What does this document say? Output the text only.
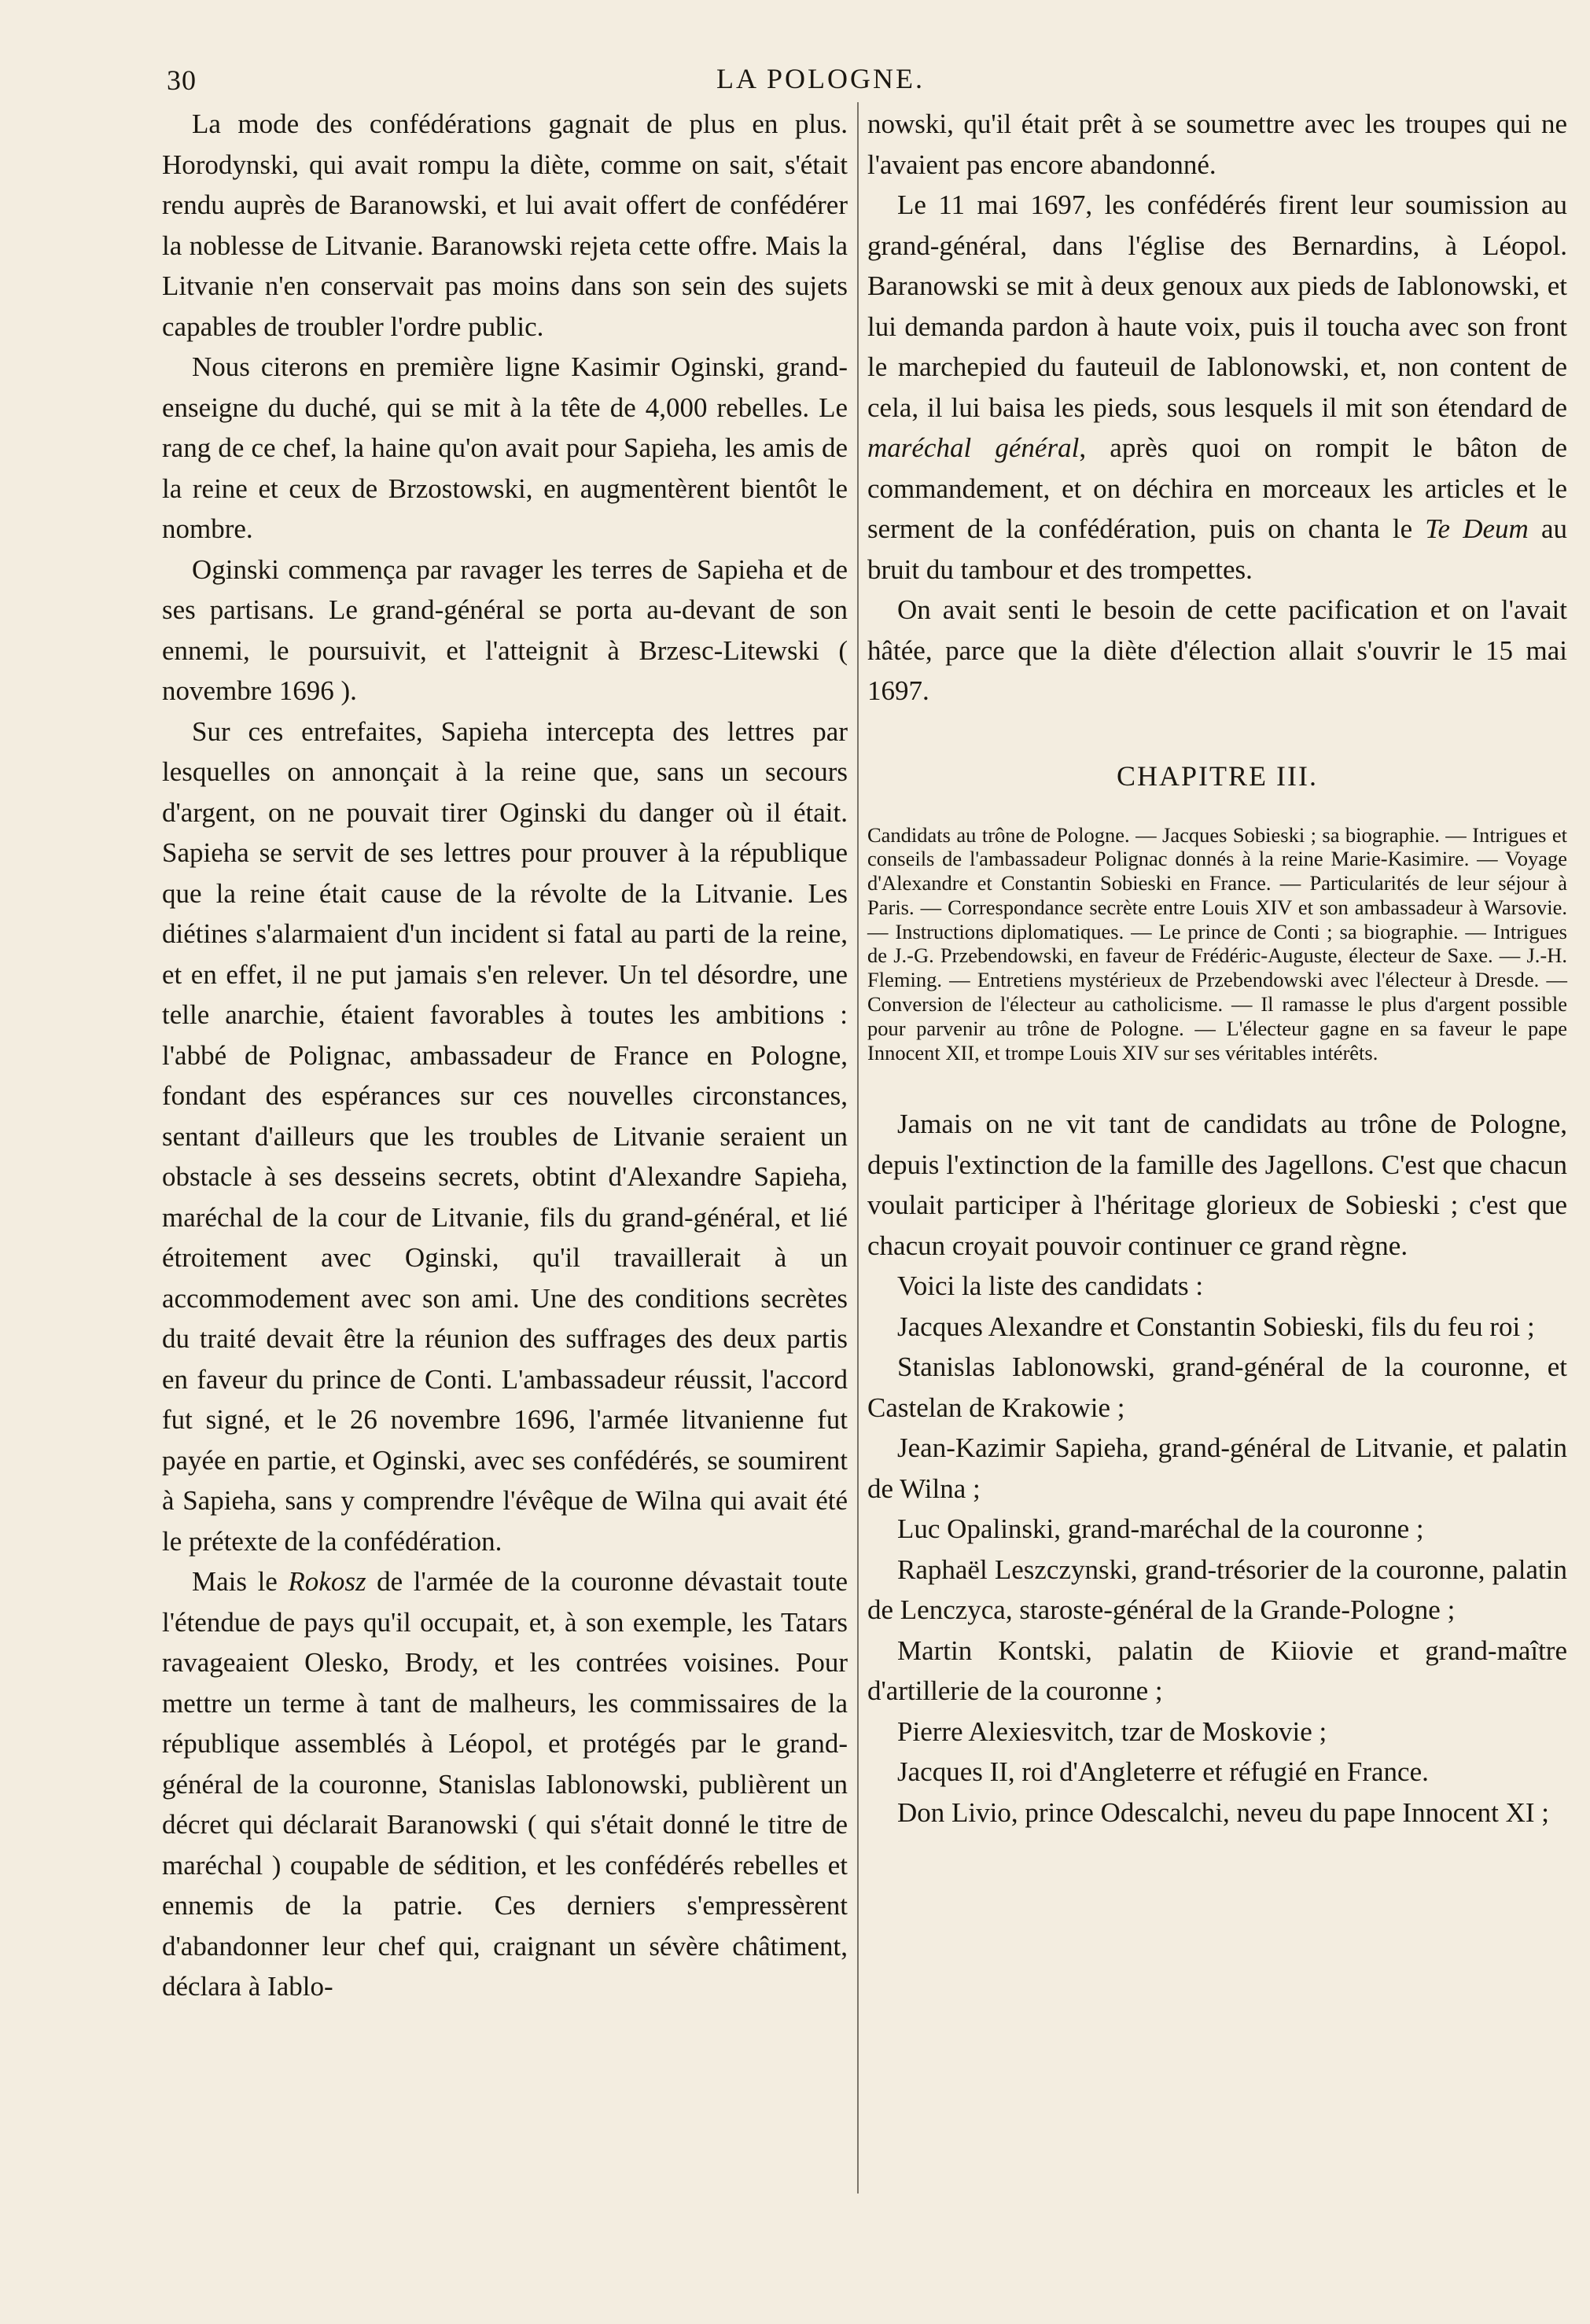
30	LA POLOGNE.

La mode des confédérations gagnait de plus en plus. Horodynski, qui avait rompu la diète, comme on sait, s'était rendu auprès de Baranowski, et lui avait offert de confédérer la noblesse de Litvanie. Baranowski rejeta cette offre. Mais la Litvanie n'en conservait pas moins dans son sein des sujets capables de troubler l'ordre public.

Nous citerons en première ligne Kasimir Oginski, grand-enseigne du duché, qui se mit à la tête de 4,000 rebelles. Le rang de ce chef, la haine qu'on avait pour Sapieha, les amis de la reine et ceux de Brzostowski, en augmentèrent bientôt le nombre.

Oginski commença par ravager les terres de Sapieha et de ses partisans. Le grand-général se porta au-devant de son ennemi, le poursuivit, et l'atteignit à Brzesc-Litewski ( novembre 1696 ).

Sur ces entrefaites, Sapieha intercepta des lettres par lesquelles on annonçait à la reine que, sans un secours d'argent, on ne pouvait tirer Oginski du danger où il était. Sapieha se servit de ses lettres pour prouver à la république que la reine était cause de la révolte de la Litvanie. Les diétines s'alarmaient d'un incident si fatal au parti de la reine, et en effet, il ne put jamais s'en relever. Un tel désordre, une telle anarchie, étaient favorables à toutes les ambitions : l'abbé de Polignac, ambassadeur de France en Pologne, fondant des espérances sur ces nouvelles circonstances, sentant d'ailleurs que les troubles de Litvanie seraient un obstacle à ses desseins secrets, obtint d'Alexandre Sapieha, maréchal de la cour de Litvanie, fils du grand-général, et lié étroitement avec Oginski, qu'il travaillerait à un accommodement avec son ami. Une des conditions secrètes du traité devait être la réunion des suffrages des deux partis en faveur du prince de Conti. L'ambassadeur réussit, l'accord fut signé, et le 26 novembre 1696, l'armée litvanienne fut payée en partie, et Oginski, avec ses confédérés, se soumirent à Sapieha, sans y comprendre l'évêque de Wilna qui avait été le prétexte de la confédération.

Mais le Rokosz de l'armée de la couronne dévastait toute l'étendue de pays qu'il occupait, et, à son exemple, les Tatars ravageaient Olesko, Brody, et les contrées voisines. Pour mettre un terme à tant de malheurs, les commissaires de la république assemblés à Léopol, et protégés par le grand-général de la couronne, Stanislas Iablonowski, publièrent un décret qui déclarait Baranowski ( qui s'était donné le titre de maréchal ) coupable de sédition, et les confédérés rebelles et ennemis de la patrie. Ces derniers s'empressèrent d'abandonner leur chef qui, craignant un sévère châtiment, déclara à Iablo-

nowski, qu'il était prêt à se soumettre avec les troupes qui ne l'avaient pas encore abandonné.

Le 11 mai 1697, les confédérés firent leur soumission au grand-général, dans l'église des Bernardins, à Léopol. Baranowski se mit à deux genoux aux pieds de Iablonowski, et lui demanda pardon à haute voix, puis il toucha avec son front le marchepied du fauteuil de Iablonowski, et, non content de cela, il lui baisa les pieds, sous lesquels il mit son étendard de maréchal général, après quoi on rompit le bâton de commandement, et on déchira en morceaux les articles et le serment de la confédération, puis on chanta le Te Deum au bruit du tambour et des trompettes.

On avait senti le besoin de cette pacification et on l'avait hâtée, parce que la diète d'élection allait s'ouvrir le 15 mai 1697.

CHAPITRE III.

Candidats au trône de Pologne. — Jacques Sobieski ; sa biographie. — Intrigues et conseils de l'ambassadeur Polignac donnés à la reine Marie-Kasimire. — Voyage d'Alexandre et Constantin Sobieski en France. — Particularités de leur séjour à Paris. — Correspondance secrète entre Louis XIV et son ambassadeur à Warsovie. — Instructions diplomatiques. — Le prince de Conti ; sa biographie. — Intrigues de J.-G. Przebendowski, en faveur de Frédéric-Auguste, électeur de Saxe. — J.-H. Fleming. — Entretiens mystérieux de Przebendowski avec l'électeur à Dresde. — Conversion de l'électeur au catholicisme. — Il ramasse le plus d'argent possible pour parvenir au trône de Pologne. — L'électeur gagne en sa faveur le pape Innocent XII, et trompe Louis XIV sur ses véritables intérêts.

Jamais on ne vit tant de candidats au trône de Pologne, depuis l'extinction de la famille des Jagellons. C'est que chacun voulait participer à l'héritage glorieux de Sobieski ; c'est que chacun croyait pouvoir continuer ce grand règne.

Voici la liste des candidats :

Jacques Alexandre et Constantin Sobieski, fils du feu roi ;

Stanislas Iablonowski, grand-général de la couronne, et Castelan de Krakowie ;

Jean-Kazimir Sapieha, grand-général de Litvanie, et palatin de Wilna ;

Luc Opalinski, grand-maréchal de la couronne ;

Raphaël Leszczynski, grand-trésorier de la couronne, palatin de Lenczyca, staroste-général de la Grande-Pologne ;

Martin Kontski, palatin de Kiiovie et grand-maître d'artillerie de la couronne ;

Pierre Alexiesvitch, tzar de Moskovie ;

Jacques II, roi d'Angleterre et réfugié en France.

Don Livio, prince Odescalchi, neveu du pape Innocent XI ;
